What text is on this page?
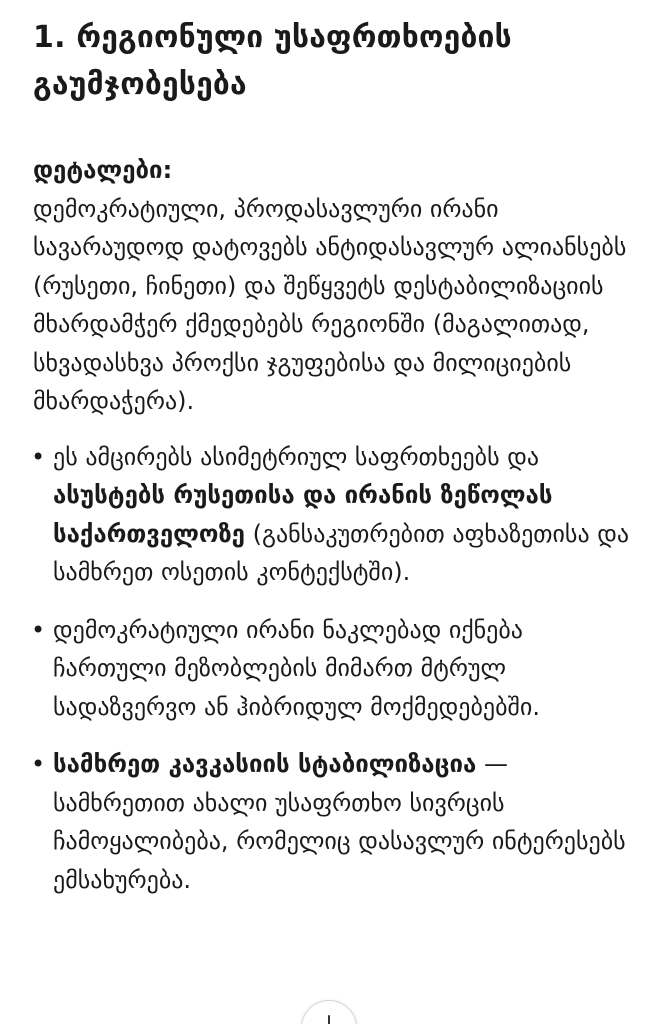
1. რეგიონული უსაფრთხოების გაუმჯობესება
დეტალები:
დემოკრატიული, პროდასავლური ირანი სავარაუდოდ დატოვებს ანტიდასავლურ ალიანსებს (რუსეთი, ჩინეთი) და შეწყვეტს დესტაბილიზაციის მხარდამჭერ ქმედებებს რეგიონში (მაგალითად, სხვადასხვა პროქსი ჯგუფებისა და მილიციების მხარდაჭერა).
• ეს ამცირებს ასიმეტრიულ საფრთხეებს და ასუსტებს რუსეთისა და ირანის ზეწოლას საქართველოზე (განსაკუთრებით აფხაზეთისა და სამხრეთ ოსეთის კონტექსტში).
• დემოკრატიული ირანი ნაკლებად იქნება ჩართული მეზობლების მიმართ მტრულ სადაზვერვო ან ჰიბრიდულ მოქმედებებში.
• სამხრეთ კავკასიის სტაბილიზაცია — სამხრეთით ახალი უსაფრთხო სივრცის ჩამოყალიბება, რომელიც დასავლურ ინტერესებს ემსახურება.
